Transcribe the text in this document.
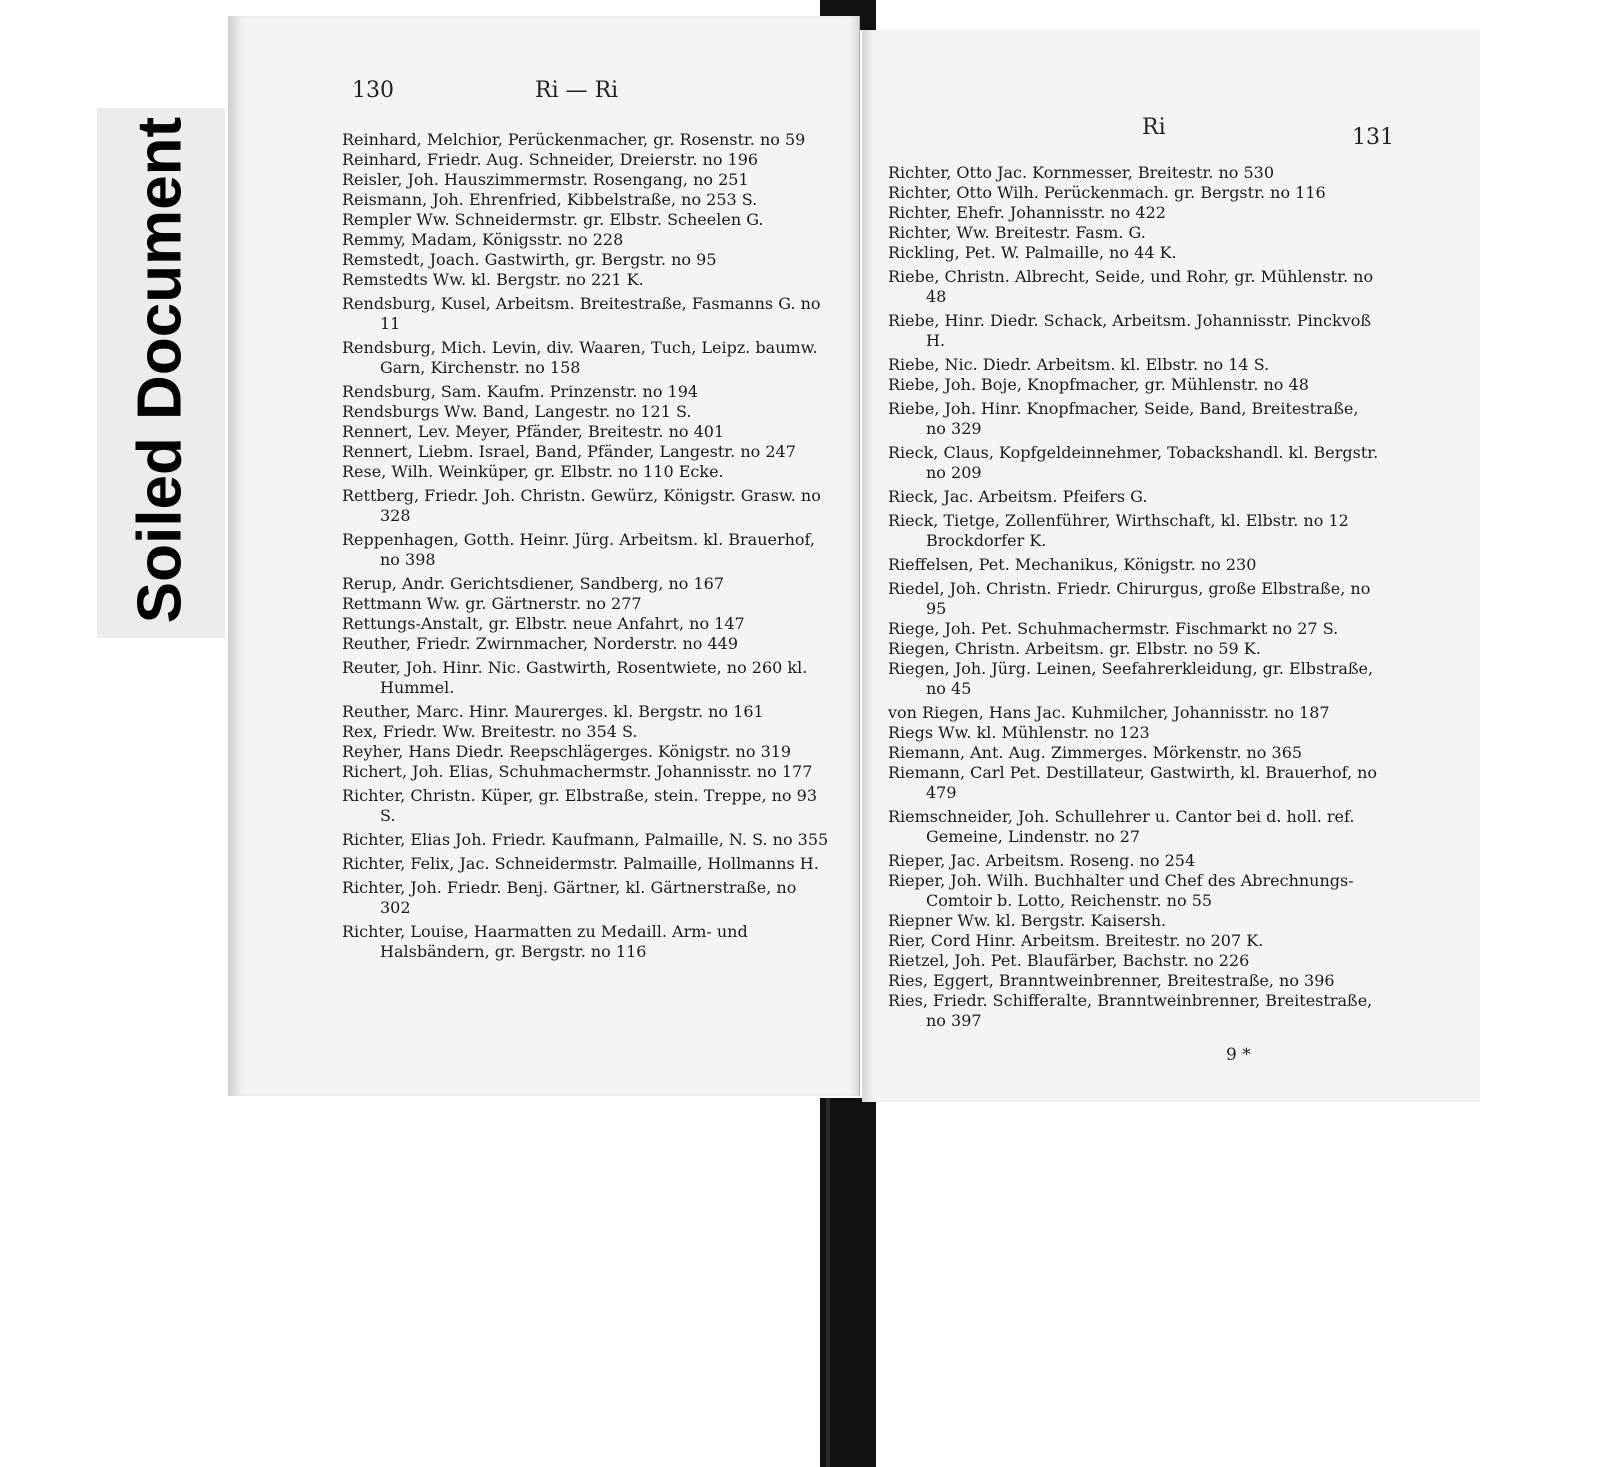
Soiled Document
130	Ri — Ri
Ri	131
Reinhard, Melchior, Perückenmacher, gr. Rosenstr. no 59
Reinhard, Friedr. Aug. Schneider, Dreierstr. no 196
Reisler, Joh. Hauszimmermstr. Rosengang, no 251
Reismann, Joh. Ehrenfried, Kibbelstraße, no 253 S.
Rempler Ww. Schneidermstr. gr. Elbstr. Scheelen G.
Remmy, Madam, Königsstr. no 228
Remstedt, Joach. Gastwirth, gr. Bergstr. no 95
Remstedts Ww. kl. Bergstr. no 221 K.
Rendsburg, Kusel, Arbeitsm. Breitestraße, Fasmanns G. no 11
Rendsburg, Mich. Levin, div. Waaren, Tuch, Leipz. baumw. Garn, Kirchenstr. no 158
Rendsburg, Sam. Kaufm. Prinzenstr. no 194
Rendsburgs Ww. Band, Langestr. no 121 S.
Rennert, Lev. Meyer, Pfänder, Breitestr. no 401
Rennert, Liebm. Israel, Band, Pfänder, Langestr. no 247
Rese, Wilh. Weinküper, gr. Elbstr. no 110 Ecke.
Rettberg, Friedr. Joh. Christn. Gewürz, Königstr. Grasw. no 328
Reppenhagen, Gotth. Heinr. Jürg. Arbeitsm. kl. Brauerhof, no 398
Rerup, Andr. Gerichtsdiener, Sandberg, no 167
Rettmann Ww. gr. Gärtnerstr. no 277
Rettungs-Anstalt, gr. Elbstr. neue Anfahrt, no 147
Reuther, Friedr. Zwirnmacher, Norderstr. no 449
Reuter, Joh. Hinr. Nic. Gastwirth, Rosentwiete, no 260 kl. Hummel.
Reuther, Marc. Hinr. Maurerges. kl. Bergstr. no 161
Rex, Friedr. Ww. Breitestr. no 354 S.
Reyher, Hans Diedr. Reepschlägerges. Königstr. no 319
Richert, Joh. Elias, Schuhmachermstr. Johannisstr. no 177
Richter, Christn. Küper, gr. Elbstraße, stein. Treppe, no 93 S.
Richter, Elias Joh. Friedr. Kaufmann, Palmaille, N. S. no 355
Richter, Felix, Jac. Schneidermstr. Palmaille, Hollmanns H.
Richter, Joh. Friedr. Benj. Gärtner, kl. Gärtnerstraße, no 302
Richter, Louise, Haarmatten zu Medaill. Arm- und Halsbändern, gr. Bergstr. no 116
Richter, Otto Jac. Kornmesser, Breitestr. no 530
Richter, Otto Wilh. Perückenmach. gr. Bergstr. no 116
Richter, Ehefr. Johannisstr. no 422
Richter, Ww. Breitestr. Fasm. G.
Rickling, Pet. W. Palmaille, no 44 K.
Riebe, Christn. Albrecht, Seide, und Rohr, gr. Mühlenstr. no 48
Riebe, Hinr. Diedr. Schack, Arbeitsm. Johannisstr. Pinckvoß H.
Riebe, Nic. Diedr. Arbeitsm. kl. Elbstr. no 14 S.
Riebe, Joh. Boje, Knopfmacher, gr. Mühlenstr. no 48
Riebe, Joh. Hinr. Knopfmacher, Seide, Band, Breitestraße, no 329
Rieck, Claus, Kopfgeldeinnehmer, Tobackshandl. kl. Bergstr. no 209
Rieck, Jac. Arbeitsm. Pfeifers G.
Rieck, Tietge, Zollenführer, Wirthschaft, kl. Elbstr. no 12 Brockdorfer K.
Rieffelsen, Pet. Mechanikus, Königstr. no 230
Riedel, Joh. Christn. Friedr. Chirurgus, große Elbstraße, no 95
Riege, Joh. Pet. Schuhmachermstr. Fischmarkt no 27 S.
Riegen, Christn. Arbeitsm. gr. Elbstr. no 59 K.
Riegen, Joh. Jürg. Leinen, Seefahrerkleidung, gr. Elbstraße, no 45
von Riegen, Hans Jac. Kuhmilcher, Johannisstr. no 187
Riegs Ww. kl. Mühlenstr. no 123
Riemann, Ant. Aug. Zimmerges. Mörkenstr. no 365
Riemann, Carl Pet. Destillateur, Gastwirth, kl. Brauerhof, no 479
Riemschneider, Joh. Schullehrer u. Cantor bei d. holl. ref. Gemeine, Lindenstr. no 27
Rieper, Jac. Arbeitsm. Roseng. no 254
Rieper, Joh. Wilh. Buchhalter und Chef des Abrechnungs-Comtoir b. Lotto, Reichenstr. no 55
Riepner Ww. kl. Bergstr. Kaisersh.
Rier, Cord Hinr. Arbeitsm. Breitestr. no 207 K.
Rietzel, Joh. Pet. Blaufärber, Bachstr. no 226
Ries, Eggert, Branntweinbrenner, Breitestraße, no 396
Ries, Friedr. Schifferalte, Branntweinbrenner, Breitestraße, no 397
9 *
